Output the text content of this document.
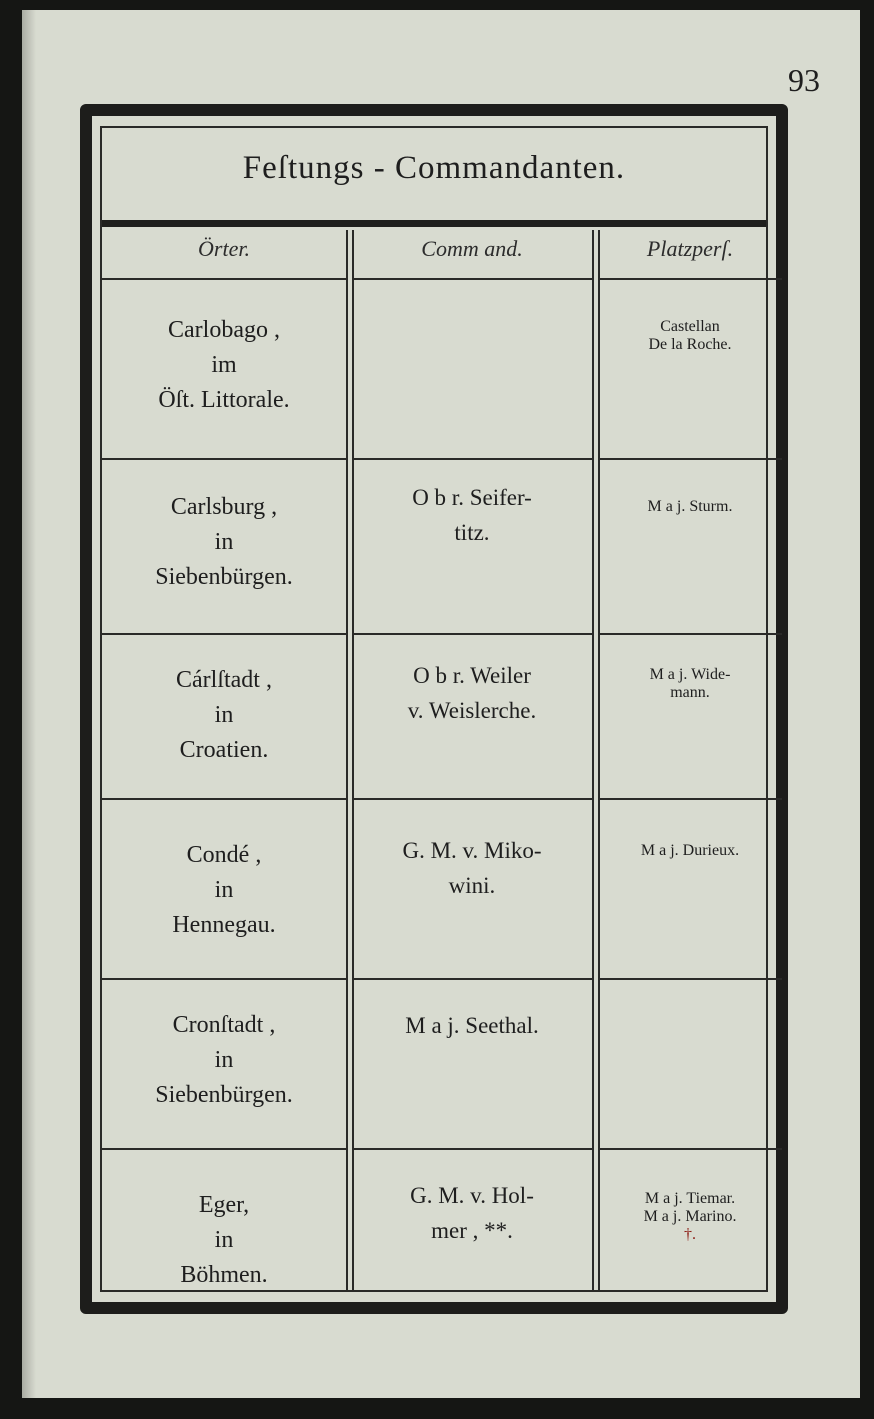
93
Feſtungs - Commandanten.
Örter.	Comm and.	Platzperſ.
Carlobago ,
im
Öſt. Littorale.
Castellan
De la Roche.
Carlsburg ,
in
Siebenbürgen.
O b r. Seifer-
titz.
M a j. Sturm.
Cárlſtadt ,
in
Croatien.
O b r. Weiler
v. Weislerche.
M a j. Wide-
mann.
Condé ,
in
Hennegau.
G. M. v. Miko-
wini.
M a j. Durieux.
Cronſtadt ,
in
Siebenbürgen.
M a j. Seethal.
Eger,
in
Böhmen.
G. M. v. Hol-
mer , **.
M a j. Tiemar.
M a j. Marino.
†.
